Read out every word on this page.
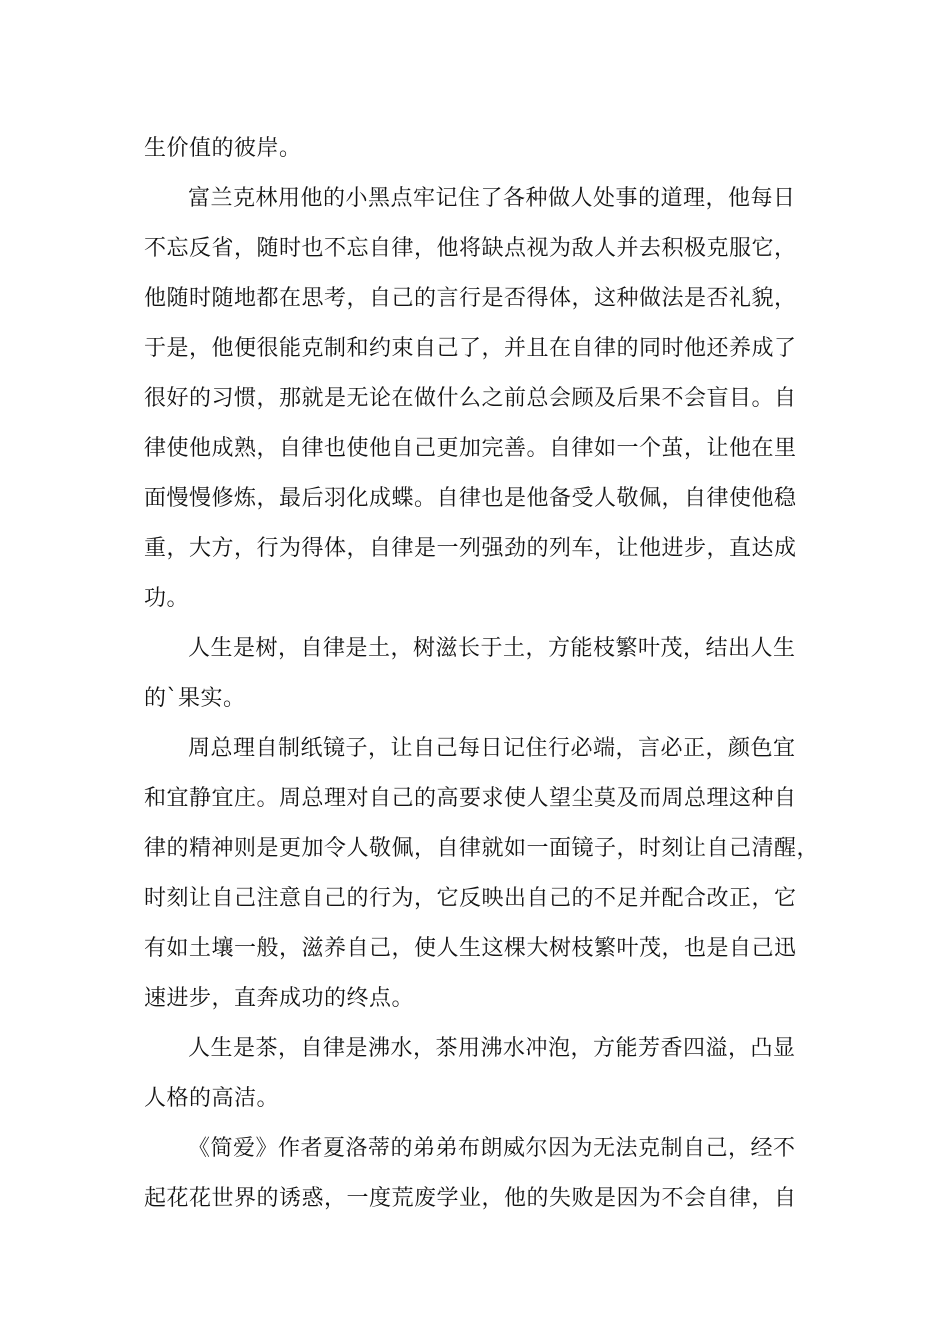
生价值的彼岸。
富兰克林用他的小黑点牢记住了各种做人处事的道理，他每日
不忘反省，随时也不忘自律，他将缺点视为敌人并去积极克服它，
他随时随地都在思考，自己的言行是否得体，这种做法是否礼貌，
于是，他便很能克制和约束自己了，并且在自律的同时他还养成了
很好的习惯，那就是无论在做什么之前总会顾及后果不会盲目。自
律使他成熟，自律也使他自己更加完善。自律如一个茧，让他在里
面慢慢修炼，最后羽化成蝶。自律也是他备受人敬佩，自律使他稳
重，大方，行为得体，自律是一列强劲的列车，让他进步，直达成
功。
人生是树，自律是土，树滋长于土，方能枝繁叶茂，结出人生
的`果实。
周总理自制纸镜子，让自己每日记住行必端，言必正，颜色宜
和宜静宜庄。周总理对自己的高要求使人望尘莫及而周总理这种自
律的精神则是更加令人敬佩，自律就如一面镜子，时刻让自己清醒，
时刻让自己注意自己的行为，它反映出自己的不足并配合改正，它
有如土壤一般，滋养自己，使人生这棵大树枝繁叶茂，也是自己迅
速进步，直奔成功的终点。
人生是茶，自律是沸水，茶用沸水冲泡，方能芳香四溢，凸显
人格的高洁。
《简爱》作者夏洛蒂的弟弟布朗威尔因为无法克制自己，经不
起花花世界的诱惑，一度荒废学业，他的失败是因为不会自律，自
